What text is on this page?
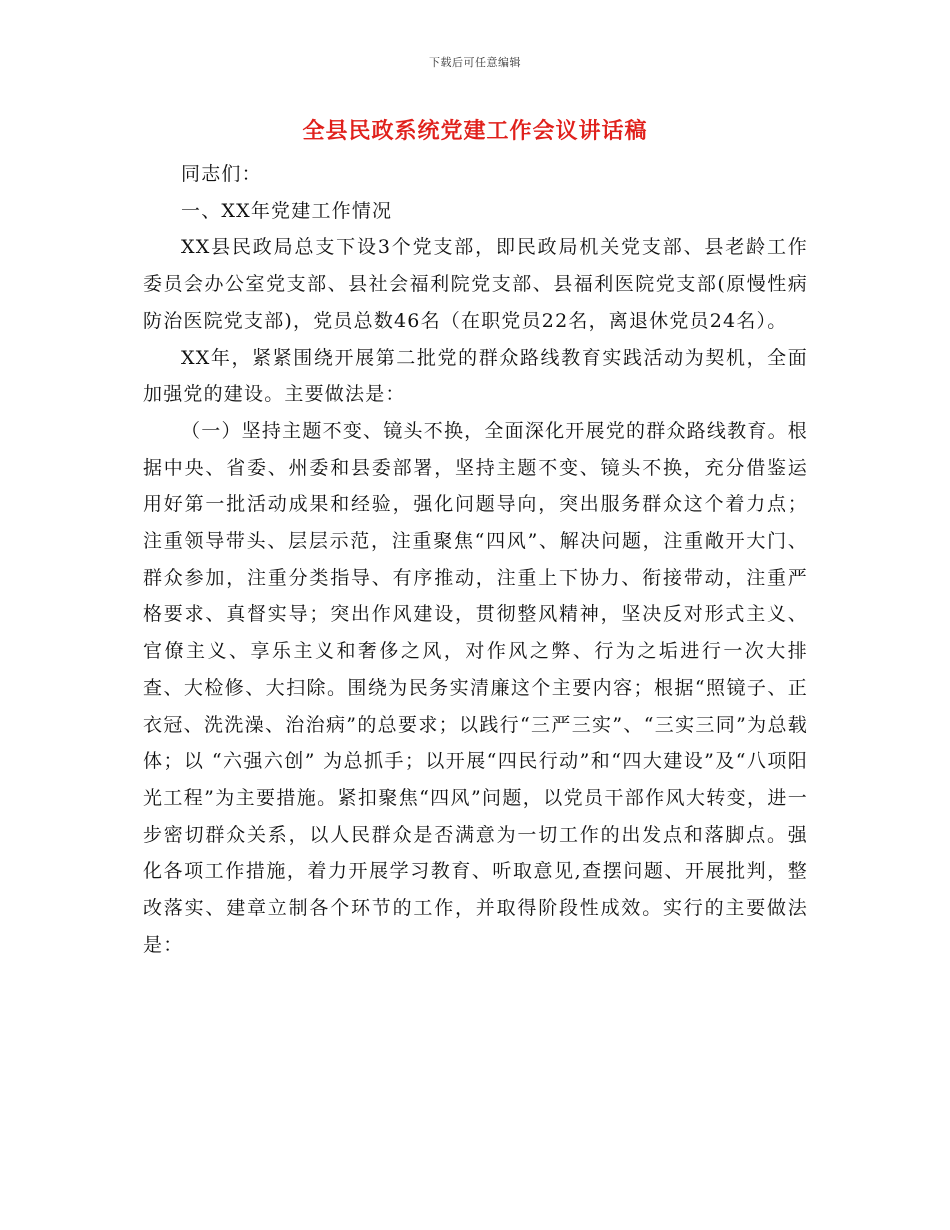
下载后可任意编辑
全县民政系统党建工作会议讲话稿

同志们：

一、XX年党建工作情况

XX县民政局总支下设3个党支部，即民政局机关党支部、县老龄工作委员会办公室党支部、县社会福利院党支部、县福利医院党支部(原慢性病防治医院党支部)，党员总数46名（在职党员22名，离退休党员24名）。

XX年，紧紧围绕开展第二批党的群众路线教育实践活动为契机，全面加强党的建设。主要做法是：

（一）坚持主题不变、镜头不换，全面深化开展党的群众路线教育。根据中央、省委、州委和县委部署，坚持主题不变、镜头不换，充分借鉴运用好第一批活动成果和经验，强化问题导向，突出服务群众这个着力点；注重领导带头、层层示范，注重聚焦“四风”、解决问题，注重敞开大门、群众参加，注重分类指导、有序推动，注重上下协力、衔接带动，注重严格要求、真督实导；突出作风建设，贯彻整风精神，坚决反对形式主义、官僚主义、享乐主义和奢侈之风，对作风之弊、行为之垢进行一次大排查、大检修、大扫除。围绕为民务实清廉这个主要内容；根据“照镜子、正衣冠、洗洗澡、治治病”的总要求；以践行“三严三实”、“三实三同”为总载体；以 “六强六创” 为总抓手；以开展“四民行动”和“四大建设”及“八项阳光工程”为主要措施。紧扣聚焦“四风”问题，以党员干部作风大转变，进一步密切群众关系，以人民群众是否满意为一切工作的出发点和落脚点。强化各项工作措施，着力开展学习教育、听取意见,查摆问题、开展批判，整改落实、建章立制各个环节的工作，并取得阶段性成效。实行的主要做法是：
